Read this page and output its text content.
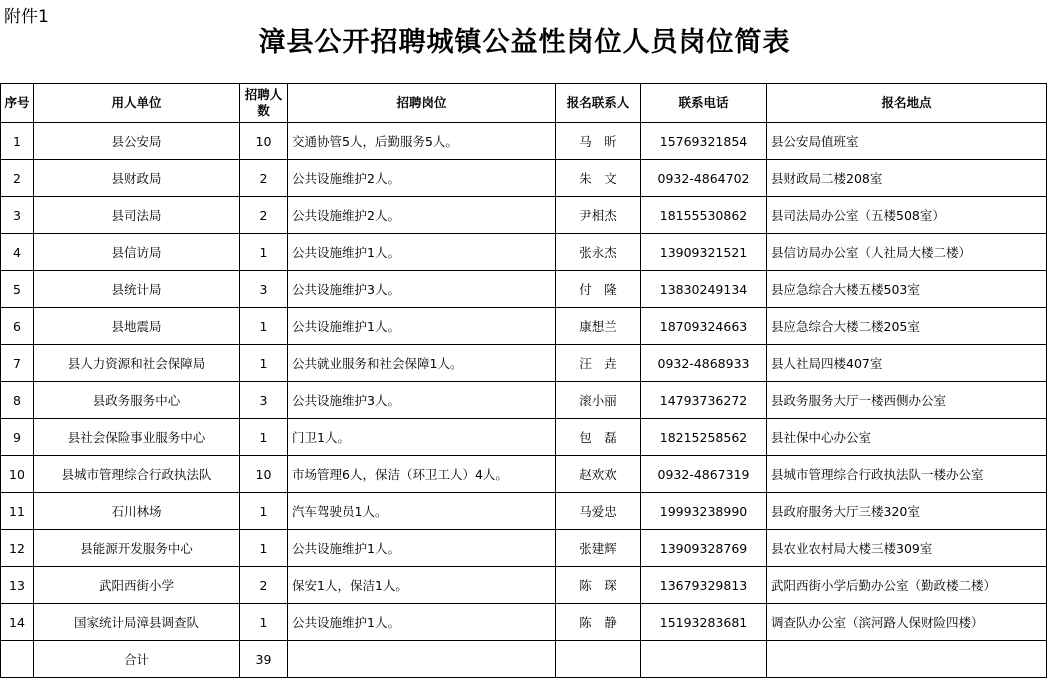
附件1
漳县公开招聘城镇公益性岗位人员岗位简表
序号	用人单位	招聘人数	招聘岗位	报名联系人	联系电话	报名地点
1	县公安局	10	交通协管5人，后勤服务5人。	马　昕	15769321854	县公安局值班室
2	县财政局	2	公共设施维护2人。	朱　文	0932-4864702	县财政局二楼208室
3	县司法局	2	公共设施维护2人。	尹相杰	18155530862	县司法局办公室（五楼508室）
4	县信访局	1	公共设施维护1人。	张永杰	13909321521	县信访局办公室（人社局大楼二楼）
5	县统计局	3	公共设施维护3人。	付　隆	13830249134	县应急综合大楼五楼503室
6	县地震局	1	公共设施维护1人。	康想兰	18709324663	县应急综合大楼二楼205室
7	县人力资源和社会保障局	1	公共就业服务和社会保障1人。	汪　垚	0932-4868933	县人社局四楼407室
8	县政务服务中心	3	公共设施维护3人。	滚小丽	14793736272	县政务服务大厅一楼西侧办公室
9	县社会保险事业服务中心	1	门卫1人。	包　磊	18215258562	县社保中心办公室
10	县城市管理综合行政执法队	10	市场管理6人，保洁（环卫工人）4人。	赵欢欢	0932-4867319	县城市管理综合行政执法队一楼办公室
11	石川林场	1	汽车驾驶员1人。	马爱忠	19993238990	县政府服务大厅三楼320室
12	县能源开发服务中心	1	公共设施维护1人。	张建辉	13909328769	县农业农村局大楼三楼309室
13	武阳西街小学	2	保安1人，保洁1人。	陈　琛	13679329813	武阳西街小学后勤办公室（勤政楼二楼）
14	国家统计局漳县调查队	1	公共设施维护1人。	陈　静	15193283681	调查队办公室（滨河路人保财险四楼）
	合计	39				
